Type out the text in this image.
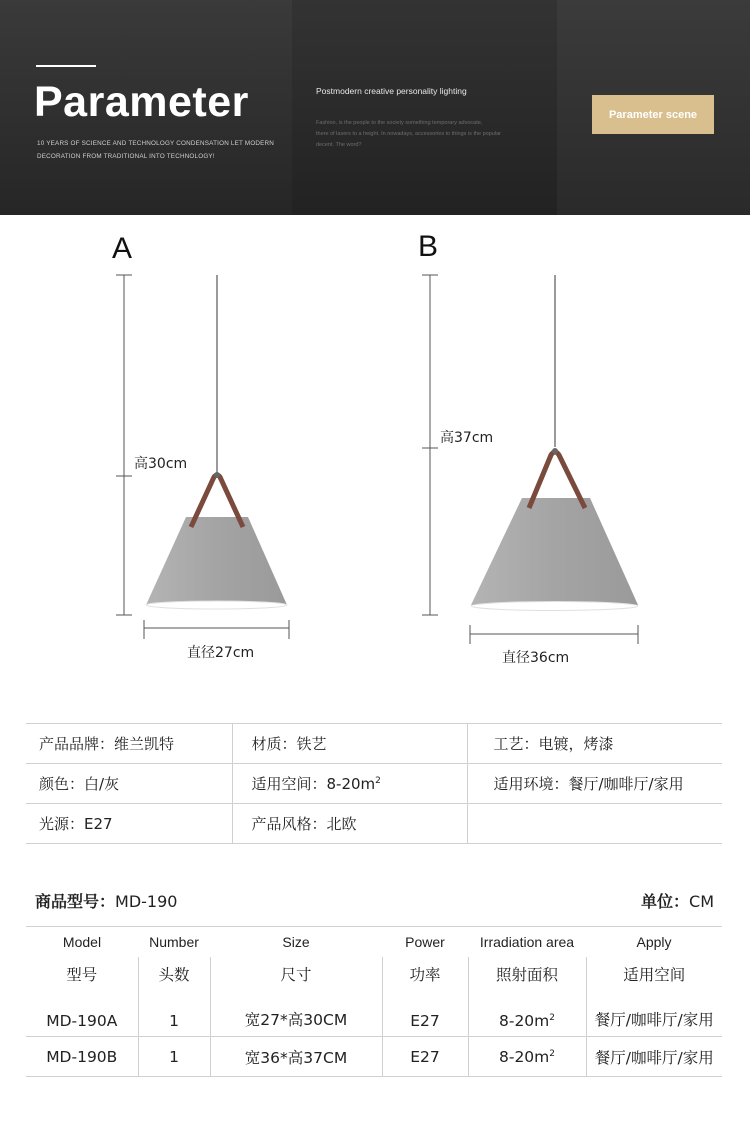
Parameter
10 YEARS OF SCIENCE AND TECHNOLOGY CONDENSATION LET MODERN
DECORATION FROM TRADITIONAL INTO TECHNOLOGY!
Postmodern creative personality lighting
Fashion, is the people to the society something temporary advocate,
there of lasers to a height. In nowadays, accessories to things is the popular
decent. The word?
Parameter scene
A	B
高30cm
直径27cm
高37cm
直径36cm
产品品牌：维兰凯特	材质：铁艺	工艺：电镀，烤漆
颜色：白/灰	适用空间：$8-20m^2$	适用环境：餐厅/咖啡厅/家用
光源：E27	产品风格：北欧	
商品型号：MD-190	单位：CM
Model	Number	Size	Power	Irradiation area	Apply
型号	头数	尺寸	功率	照射面积	适用空间
MD-190A	1	宽27*高30CM	E27	$8-20m^2$	餐厅/咖啡厅/家用
MD-190B	1	宽36*高37CM	E27	$8-20m^2$	餐厅/咖啡厅/家用
